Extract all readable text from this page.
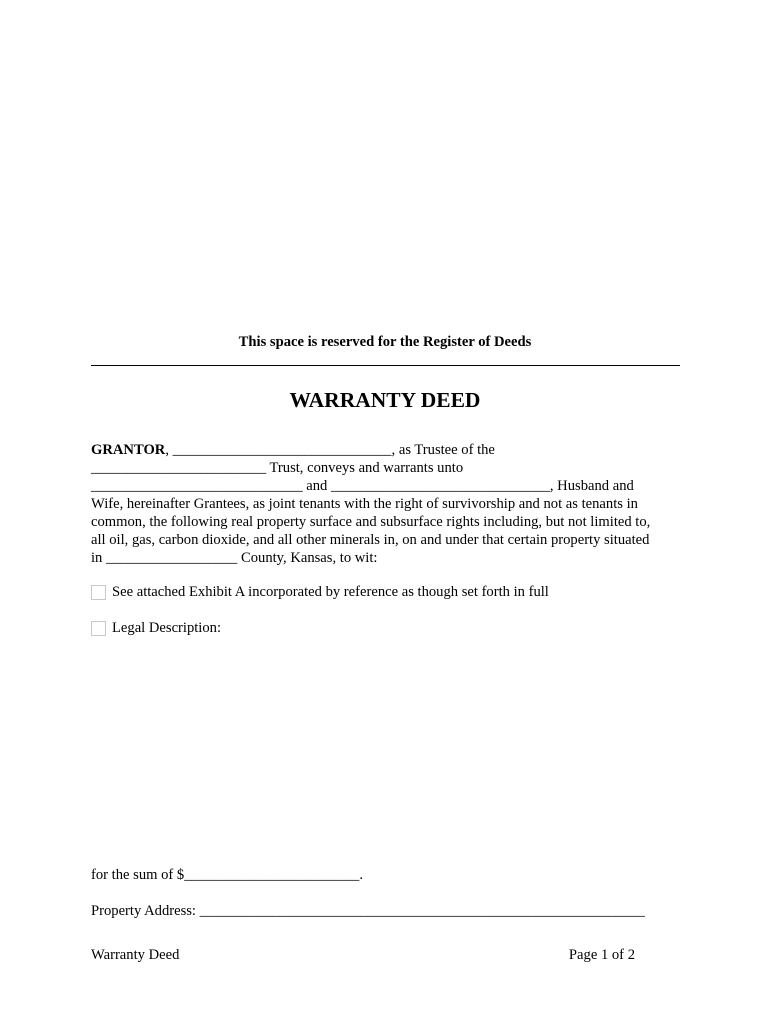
This space is reserved for the Register of Deeds
WARRANTY DEED
GRANTOR, ______________________________, as Trustee of the
________________________ Trust, conveys and warrants unto
_____________________________ and ______________________________, Husband and
Wife, hereinafter Grantees, as joint tenants with the right of survivorship and not as tenants in
common, the following real property surface and subsurface rights including, but not limited to,
all oil, gas, carbon dioxide, and all other minerals in, on and under that certain property situated
in __________________ County, Kansas, to wit:
See attached Exhibit A incorporated by reference as though set forth in full
Legal Description:
for the sum of $________________________.
Property Address: _____________________________________________________________
Warranty Deed	Page 1 of 2
